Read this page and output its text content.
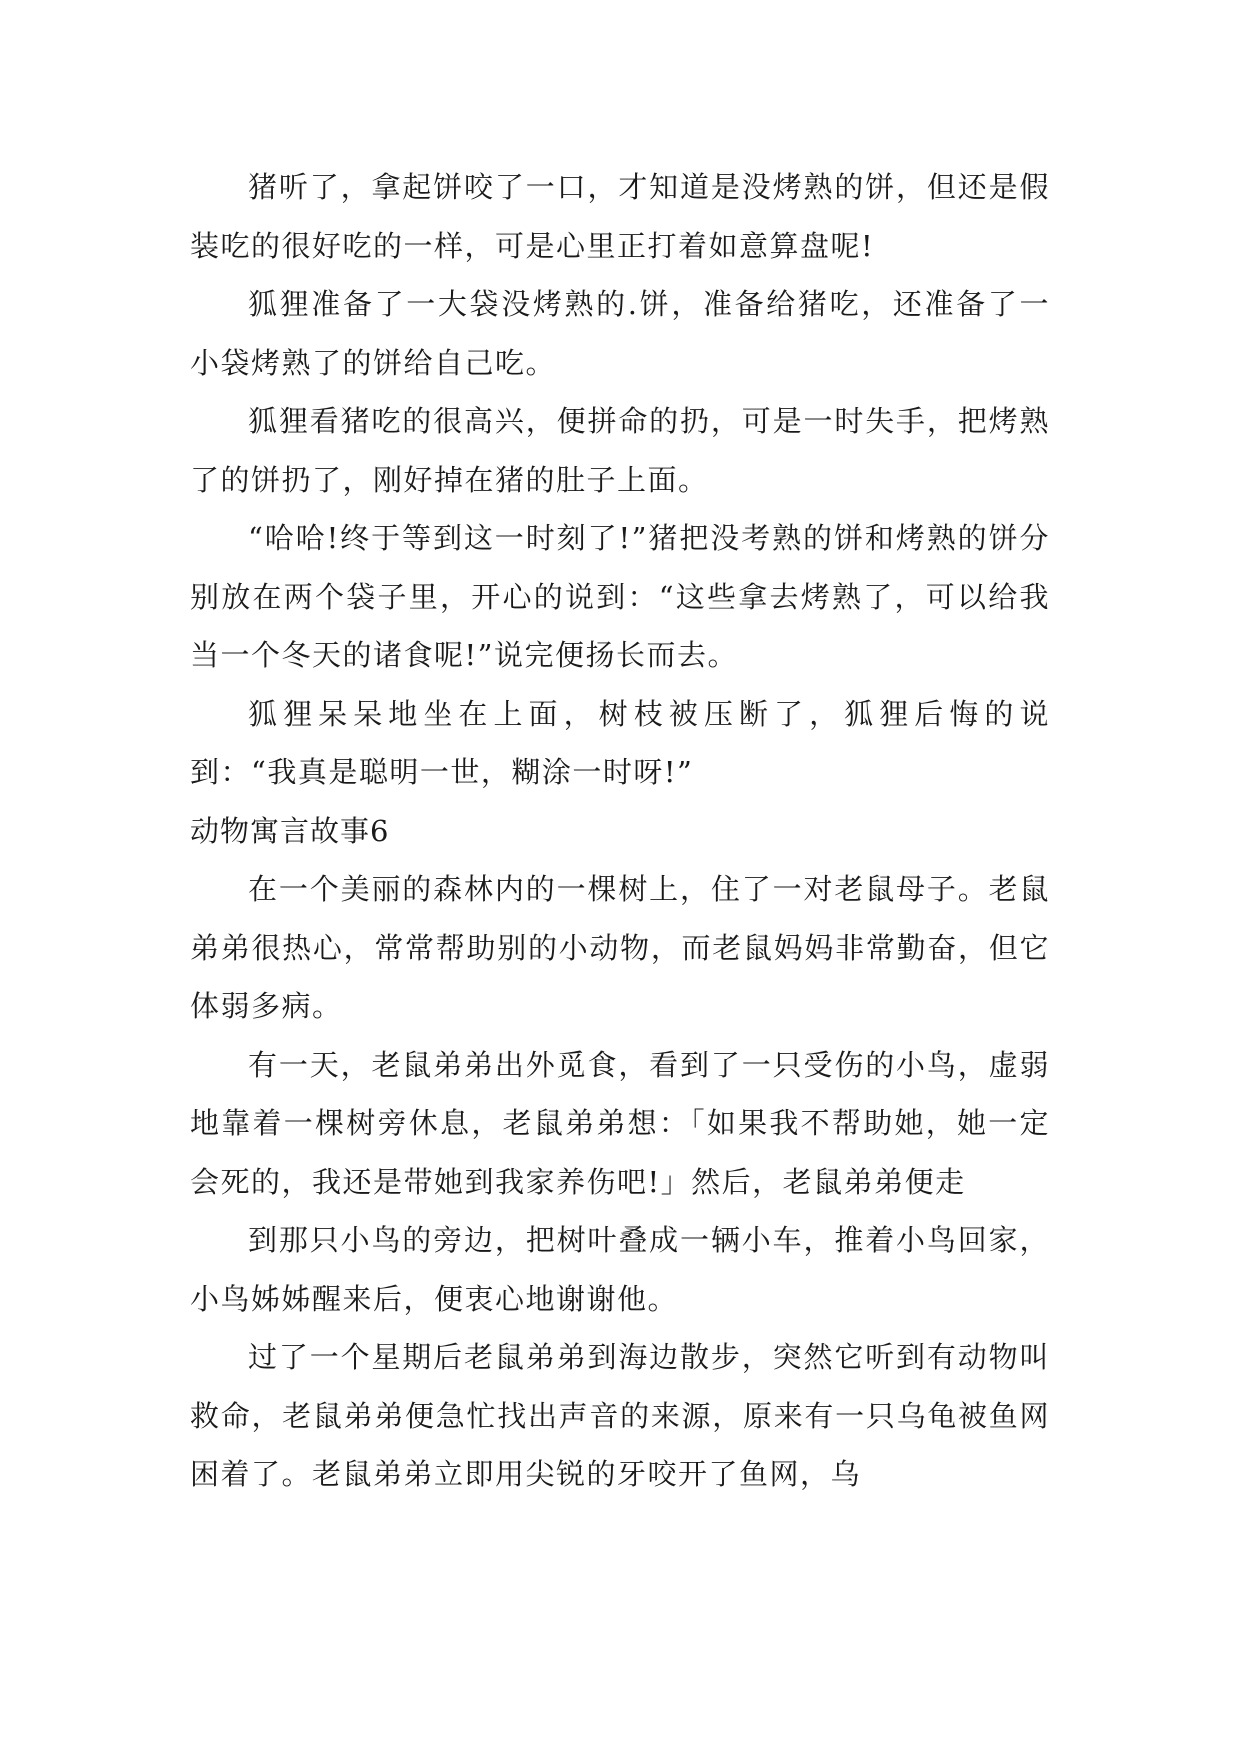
猪听了，拿起饼咬了一口，才知道是没烤熟的饼，但还是假装吃的很好吃的一样，可是心里正打着如意算盘呢!

狐狸准备了一大袋没烤熟的.饼，准备给猪吃，还准备了一小袋烤熟了的饼给自己吃。

狐狸看猪吃的很高兴，便拼命的扔，可是一时失手，把烤熟了的饼扔了，刚好掉在猪的肚子上面。

“哈哈!终于等到这一时刻了!”猪把没考熟的饼和烤熟的饼分别放在两个袋子里，开心的说到：“这些拿去烤熟了，可以给我当一个冬天的诸食呢!”说完便扬长而去。

狐狸呆呆地坐在上面，树枝被压断了，狐狸后悔的说到：“我真是聪明一世，糊涂一时呀!”

动物寓言故事6

在一个美丽的森林内的一棵树上，住了一对老鼠母子。老鼠弟弟很热心，常常帮助别的小动物，而老鼠妈妈非常勤奋，但它体弱多病。

有一天，老鼠弟弟出外觅食，看到了一只受伤的小鸟，虚弱地靠着一棵树旁休息，老鼠弟弟想：「如果我不帮助她，她一定会死的，我还是带她到我家养伤吧!」然后，老鼠弟弟便走

到那只小鸟的旁边，把树叶叠成一辆小车，推着小鸟回家，小鸟姊姊醒来后，便衷心地谢谢他。

过了一个星期后老鼠弟弟到海边散步，突然它听到有动物叫救命，老鼠弟弟便急忙找出声音的来源，原来有一只乌龟被鱼网困着了。老鼠弟弟立即用尖锐的牙咬开了鱼网，乌
